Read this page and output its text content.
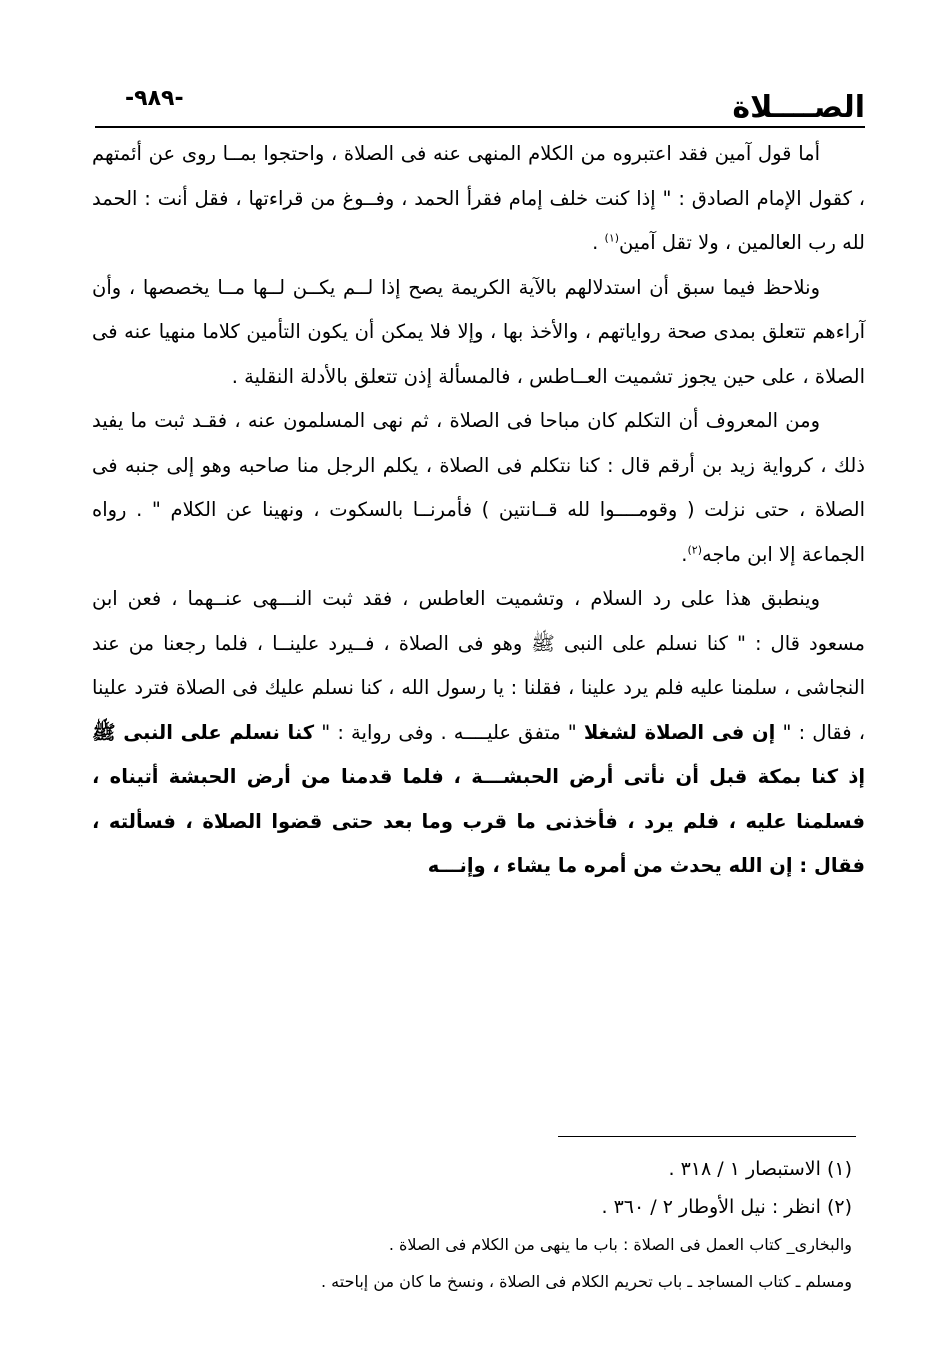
الصــــلاة
-٩٨٩-

أما قول آمين فقد اعتبروه من الكلام المنهى عنه فى الصلاة ، واحتجوا بمــا روى عن أئمتهم ، كقول الإمام الصادق : " إذا كنت خلف إمام فقرأ الحمد ، وفــوغ من قراءتها ، فقل أنت : الحمد لله رب العالمين ، ولا تقل آمين$^{(١)}$ .

ونلاحظ فيما سبق أن استدلالهم بالآية الكريمة يصح إذا لــم يكــن لــها مــا يخصصها ، وأن آراءهم تتعلق بمدى صحة رواياتهم ، والأخذ بها ، وإلا فلا يمكن أن يكون التأمين كلاما منهيا عنه فى الصلاة ، على حين يجوز تشميت العــاطس ، فالمسألة إذن تتعلق بالأدلة النقلية .

ومن المعروف أن التكلم كان مباحا فى الصلاة ، ثم نهى المسلمون عنه ، فقـد ثبت ما يفيد ذلك ، كرواية زيد بن أرقم قال : كنا نتكلم فى الصلاة ، يكلم الرجل منا صاحبه وهو إلى جنبه فى الصلاة ، حتى نزلت ( وقومــــوا لله قــانتين ) فأمرنــا بالسكوت ، ونهينا عن الكلام " . رواه الجماعة إلا ابن ماجه$^{(٢)}$.

وينطبق هذا على رد السلام ، وتشميت العاطس ، فقد ثبت النـــهى عنــهما ، فعن ابن مسعود قال : " كنا نسلم على النبى ﷺ وهو فى الصلاة ، فــيرد علينــا ، فلما رجعنا من عند النجاشى ، سلمنا عليه فلم يرد علينا ، فقلنا : يا رسول الله ، كنا نسلم عليك فى الصلاة فترد علينا ، فقال : " إن فى الصلاة لشغلا " متفق عليــــه . وفى رواية : " كنا نسلم على النبى ﷺ إذ كنا بمكة قبل أن نأتى أرض الحبشـــة ، فلما قدمنا من أرض الحبشة أتيناه ، فسلمنا عليه ، فلم يرد ، فأخذنى ما قرب وما بعد حتى قضوا الصلاة ، فسألته ، فقال : إن الله يحدث من أمره ما يشاء ، وإنـــه

(١) الاستبصار ١ / ٣١٨ .

(٢) انظر : نيل الأوطار ٢ / ٣٦٠ .

والبخارى_ كتاب العمل فى الصلاة : باب ما ينهى من الكلام فى الصلاة .

ومسلم ـ كتاب المساجد ـ باب تحريم الكلام فى الصلاة ، ونسخ ما كان من إباحته .
